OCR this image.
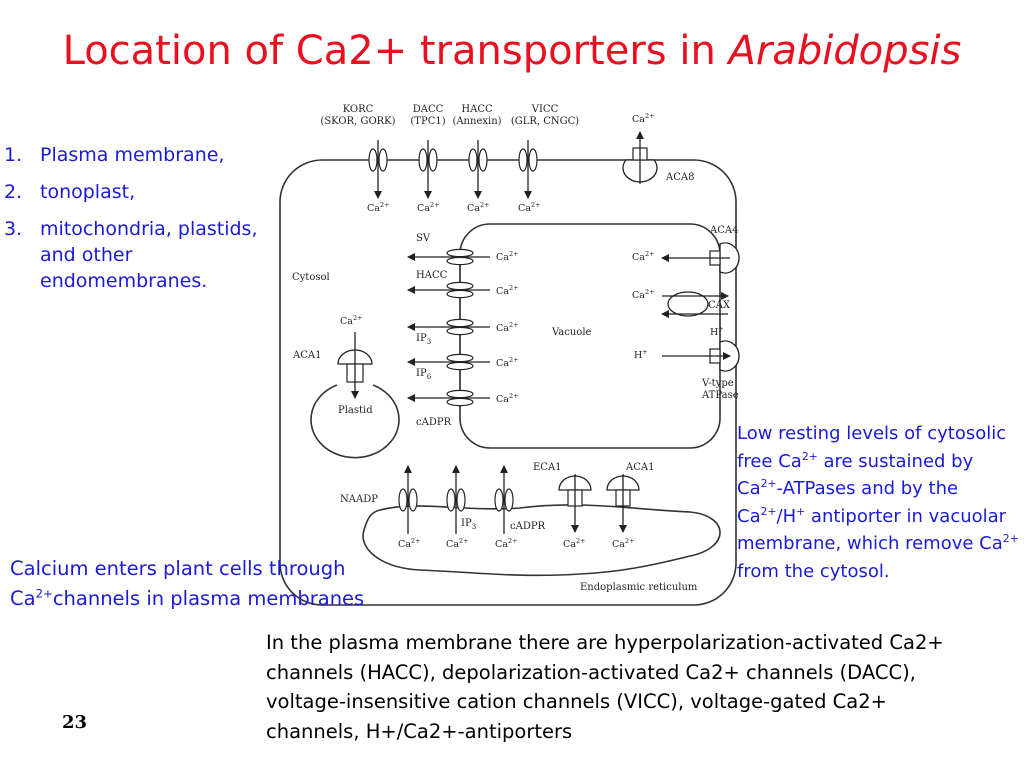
Location of Ca2+ transporters in Arabidopsis
1. Plasma membrane,
2. tonoplast,
3. mitochondria, plastids, and other endomembranes.
KORC
(SKOR, GORK)
DACC
(TPC1)
HACC
(Annexin)
VICC
(GLR, CNGC)
$Ca^{2+}$	$Ca^{2+}$	$Ca^{2+}$	$Ca^{2+}$
$Ca^{2+}$
ACA8
Cytosol
Vacuole
SV
HACC
$IP_3$
$IP_6$
cADPR
$Ca^{2+}$
$Ca^{2+}$
$Ca^{2+}$
$Ca^{2+}$
$Ca^{2+}$
ACA4
$Ca^{2+}$
$Ca^{2+}$
CAX
H+
H+
V-type
ATPase
$Ca^{2+}$
ACA1
Plastid
NAADP
$IP_3$	cADPR
ECA1	ACA1
$Ca^{2+}$	$Ca^{2+}$	$Ca^{2+}$	$Ca^{2+}$	$Ca^{2+}$
Endoplasmic reticulum
Low resting levels of cytosolic free $Ca^{2+}$ are sustained by $Ca^{2+}$-ATPases and by the $Ca^{2+}/H^+$ antiporter in vacuolar membrane, which remove $Ca^{2+}$ from the cytosol.
Calcium enters plant cells through $Ca^{2+}channels$ in plasma membranes
In the plasma membrane there are hyperpolarization-activated Ca2+ channels (HACC), depolarization-activated Ca2+ channels (DACC), voltage-insensitive cation channels (VICC), voltage-gated Ca2+ channels, H+/Ca2+-antiporters
23
